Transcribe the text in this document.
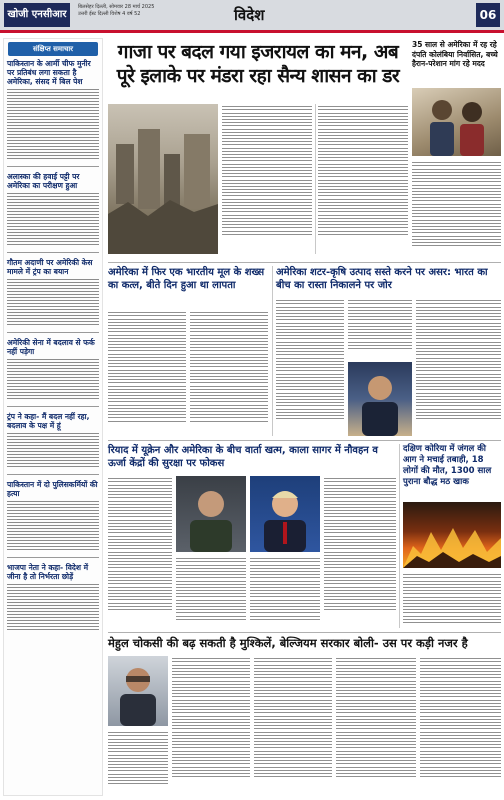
खोजी एनसीआर
बिलसेहर दिल्ली, सोमवार 28 मार्च 2025
उत्तरी ईस्ट दिल्ली विशेष 4 वर्ष 52	विदेश	06
संक्षिप्त समाचार
पाकिस्तान के आर्मी चीफ मुनीर पर प्रतिबंध लगा सकता है अमेरिका, संसद में बिल पेश
अलास्का की हवाई पट्टी पर अमेरिका का परीक्षण हुआ
गौतम अदाणी पर अमेरिकी केस मामले में ट्रंप का बयान
अमेरिकी सेना में बदलाव से फर्क नहीं पड़ेगा
ट्रंप ने कहा- मैं बदल नहीं रहा, बदलाव के पक्ष में हूं
पाकिस्तान में दो पुलिसकर्मियों की हत्या
भाजपा नेता ने कहा- विदेश में जीना है तो निर्भरता छोड़ें
गाजा पर बदल गया इजरायल का मन, अब पूरे इलाके पर मंडरा रहा सैन्य शासन का डर
35 साल से अमेरिका में रह रहे दंपति कोलंबिया निर्वासित, बच्चे हैरान-परेशान मांग रहे मदद
अमेरिका में फिर एक भारतीय मूल के शख्स का कत्ल, बीते दिन हुआ था लापता
अमेरिका शटर-कृषि उत्पाद सस्ते करने पर असर: भारत का बीच का रास्ता निकालने पर जोर
रियाद में यूक्रेन और अमेरिका के बीच वार्ता खत्म, काला सागर में नौवहन व ऊर्जा केंद्रों की सुरक्षा पर फोकस
दक्षिण कोरिया में जंगल की आग ने मचाई तबाही, 18 लोगों की मौत, 1300 साल पुराना बौद्ध मठ खाक
मेहुल चोकसी की बढ़ सकती है मुश्किलें, बेल्जियम सरकार बोली- उस पर कड़ी नजर है
